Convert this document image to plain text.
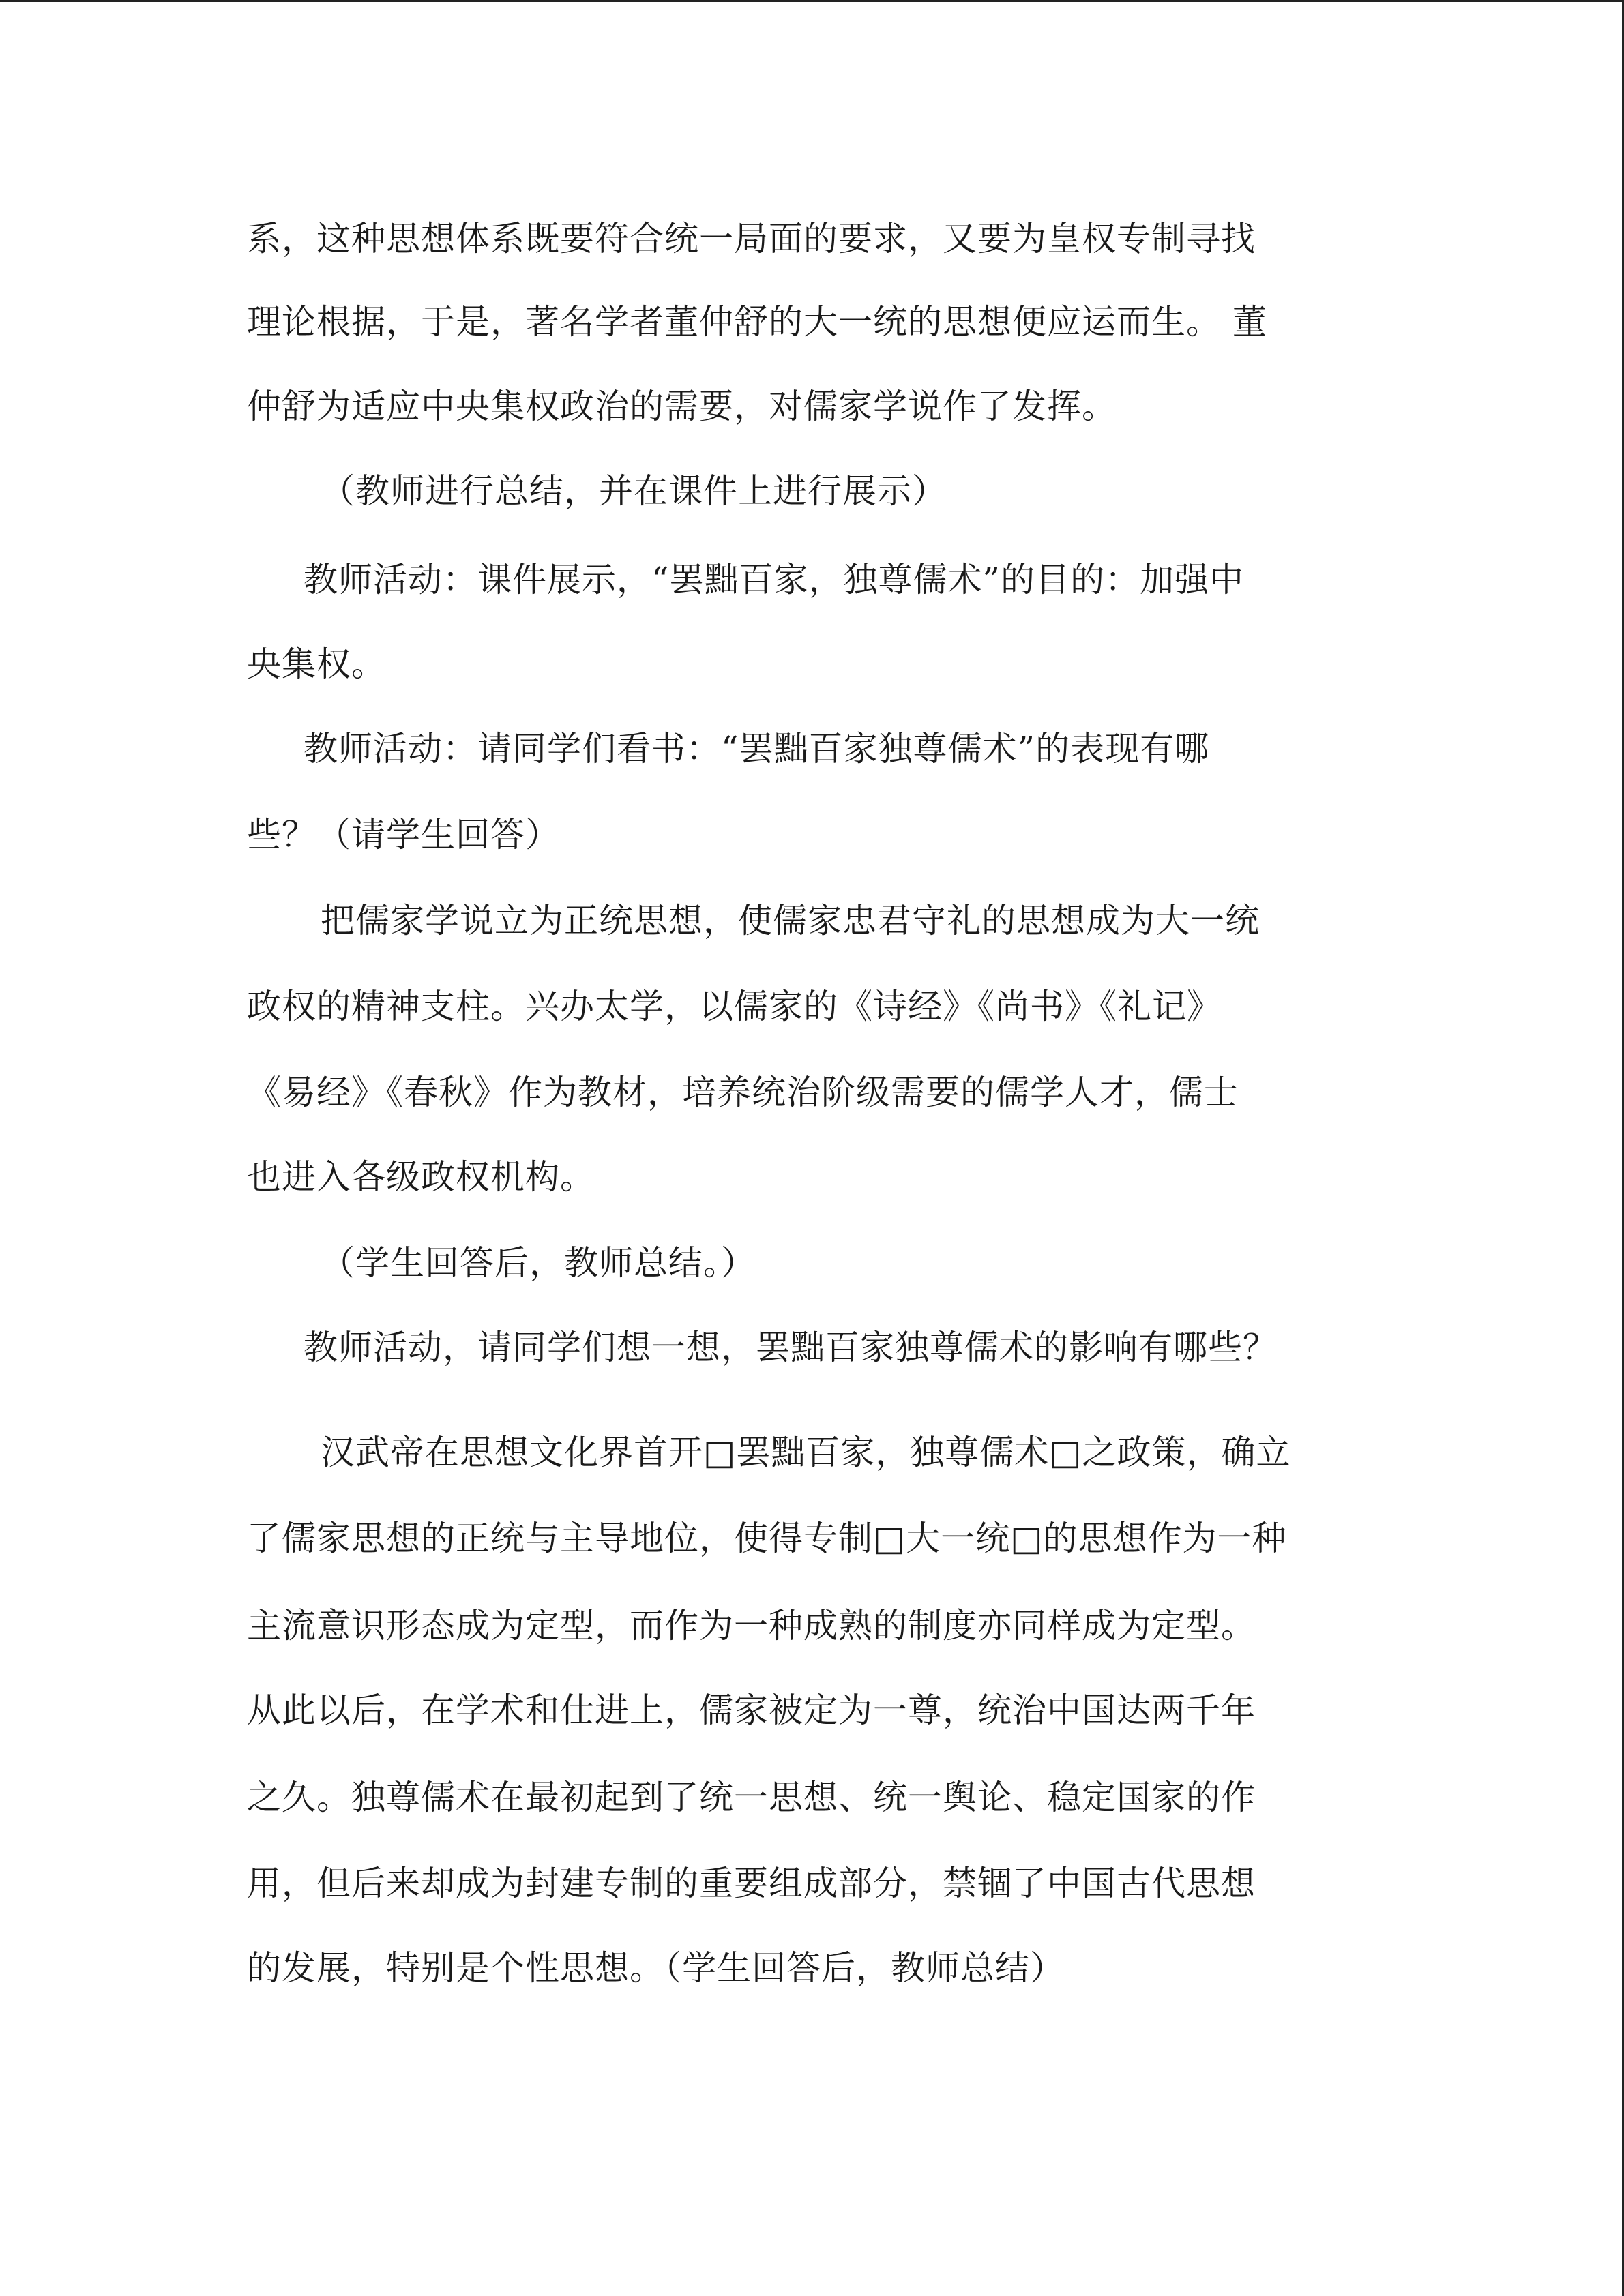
系，这种思想体系既要符合统一局面的要求，又要为皇权专制寻找

理论根据，于是，著名学者董仲舒的大一统的思想便应运而生。 董

仲舒为适应中央集权政治的需要，对儒家学说作了发挥。

（教师进行总结，并在课件上进行展示）

教师活动：课件展示，“罢黜百家，独尊儒术”的目的：加强中

央集权。

教师活动：请同学们看书：“罢黜百家独尊儒术”的表现有哪

些？（请学生回答）

把儒家学说立为正统思想，使儒家忠君守礼的思想成为大一统

政权的精神支柱。兴办太学，以儒家的《诗经》《尚书》《礼记》

《易经》《春秋》作为教材，培养统治阶级需要的儒学人才，儒士

也进入各级政权机构。

（学生回答后，教师总结。）

教师活动，请同学们想一想，罢黜百家独尊儒术的影响有哪些？

汉武帝在思想文化界首开□罢黜百家，独尊儒术□之政策，确立

了儒家思想的正统与主导地位，使得专制□大一统□的思想作为一种

主流意识形态成为定型，而作为一种成熟的制度亦同样成为定型。

从此以后，在学术和仕进上，儒家被定为一尊，统治中国达两千年

之久。独尊儒术在最初起到了统一思想、统一舆论、稳定国家的作

用，但后来却成为封建专制的重要组成部分，禁锢了中国古代思想

的发展，特别是个性思想。（学生回答后，教师总结）
